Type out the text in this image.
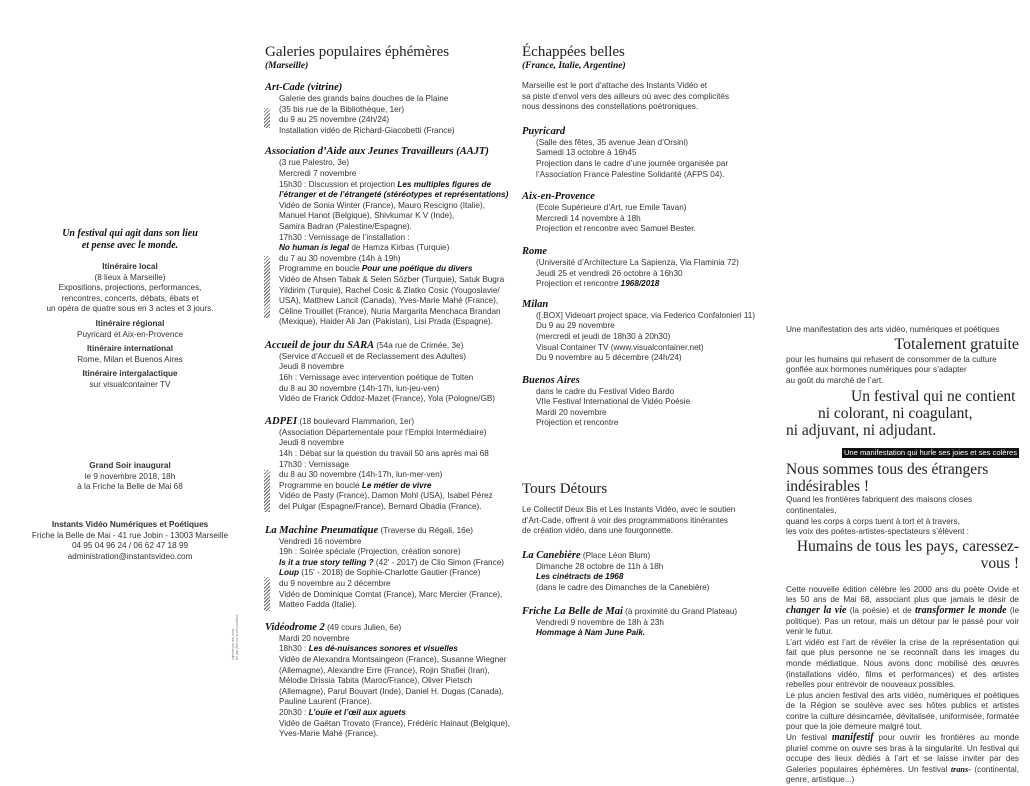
Un festival qui agit dans son lieu
et pense avec le monde.
Itinéraire local
(8 lieux à Marseille)
Expositions, projections, performances,
rencontres, concerts, débats, ébats et
un opéra de quatre sous en 3 actes et 3 jours.
Itinéraire régional
Puyricard et Aix-en-Provence
Itinéraire international
Rome, Milan et Buenos Aires
Itinéraire intergalactique
sur visualcontainer TV
Grand Soir inaugural
le 9 novembre 2018, 18h
à la Friche la Belle de Mai 68
Instants Vidéo Numériques et Poétiques
Friche la Belle de Mai - 41 rue Jobin - 13003 Marseille
04 95 04 96 24 / 06 62 47 18 99
administration@instantsvideo.com
Imprimé par nos soins Ne pas jeter sur la voie publique
Galeries populaires éphémères
(Marseille)
Art-Cade (vitrine)
Galerie des grands bains douches de la Plaine
(35 bis rue de la Bibliothèque, 1er)
du 9 au 25 novembre (24h/24)
Installation vidéo de Richard-Giacobetti (France)
Association d’Aide aux Jeunes Travailleurs (AAJT)
(3 rue Palestro, 3e)
Mercredi 7 novembre
15h30 : Discussion et projection Les multiples figures de
l’étranger et de l’étrangeté (stéréotypes et représentations)
Vidéo de Sonia Winter (France), Mauro Rescigno (Italie),
Manuel Hanot (Belgique), Shivkumar K V (Inde),
Samira Badran (Palestine/Espagne).
17h30 : Vernissage de l’installation :
No human is legal de Hamza Kirbas (Turquie)
du 7 au 30 novembre (14h à 19h)
Programme en boucle Pour une poétique du divers
Vidéo de Ahsen Tabak & Selen Sözber (Turquie), Satuk Bugra
Yildirim (Turquie), Rachel Cosic & Zlatko Cosic (Yougoslavie/
USA), Matthew Lancit (Canada), Yves-Marie Mahé (France),
Céline Trouillet (France), Nuria Margarita Menchaca Brandan
(Mexique), Haider Ali Jan (Pakistan), Lisi Prada (Espagne).
Accueil de jour du SARA (54a rue de Crimée, 3e)
(Service d’Accueil et de Reclassement des Adultes)
Jeudi 8 novembre
16h : Vernissage avec intervention poétique de Tolten
du 8 au 30 novembre (14h-17h, lun-jeu-ven)
Vidéo de Franck Oddoz-Mazet (France), Yola (Pologne/GB)
ADPEI (18 boulevard Flammarion, 1er)
(Association Départementale pour l’Emploi Intermédiaire)
Jeudi 8 novembre
14h : Débat sur la question du travail 50 ans après mai 68
17h30 : Vernissage
du 8 au 30 novembre (14h-17h, lun-mer-ven)
Programme en boucle Le métier de vivre
Vidéo de Pasty (France), Damon Mohl (USA), Isabel Pérez
del Pulgar (Espagne/France), Bernard Obadia (France).
La Machine Pneumatique (Traverse du Régali, 16e)
Vendredi 16 novembre
19h : Soirée spéciale (Projection, création sonore)
Is it a true story telling ? (42' - 2017) de Clio Simon (France)
Loup (15' - 2018) de Sophie-Charlotte Gautier (France)
du 9 novembre au 2 décembre
Vidéo de Dominique Comtat (France), Marc Mercier (France),
Matteo Fadda (Italie).
Vidéodrome 2 (49 cours Julien, 6e)
Mardi 20 novembre
18h30 : Les dé-nuisances sonores et visuelles
Vidéo de Alexandra Montsaingeon (France), Susanne Wiegner
(Allemagne), Alexandre Erre (France), Rojin Shafiei (Iran),
Mélodie Drissia Tabita (Maroc/France), Oliver Pietsch
(Allemagne), Parul Bouvart (Inde), Daniel H. Dugas (Canada),
Pauline Laurent (France).
20h30 : L’ouïe et l’œil aux aguets
Vidéo de Gaëtan Trovato (France), Frédéric Hainaut (Belgique),
Yves-Marie Mahé (France).
Échappées belles
(France, Italie, Argentine)
Marseille est le port d’attache des Instants Vidéo et
sa piste d’envol vers des ailleurs où avec des complicités
nous dessinons des constellations poétroniques.
Puyricard
(Salle des fêtes, 35 avenue Jean d’Orsini)
Samedi 13 octobre à 16h45
Projection dans le cadre d’une journée organisée par
l’Association France Palestine Solidarité (AFPS 04).
Aix-en-Provence
(Ecole Supérieure d’Art, rue Emile Tavan)
Mercredi 14 novembre à 18h
Projection et rencontre avec Samuel Bester.
Rome
(Université d’Architecture La Sapienza, Via Flaminia 72)
Jeudi 25 et vendredi 26 octobre à 16h30
Projection et rencontre 1968/2018
Milan
([.BOX] Videoart project space, via Federico Confalonieri 11)
Du 9 au 29 novembre
(mercredi et jeudi de 18h30 à 20h30)
Visual Container TV (www.visualcontainer.net)
Du 9 novembre au 5 décembre (24h/24)
Buenos Aires
dans le cadre du Festival Video Bardo
VIIe Festival International de Vidéo Poésie
Mardi 20 novembre
Projection et rencontre
Tours Détours
Le Collectif Deux Bis et Les Instants Vidéo, avec le soutien
d’Art-Cade, offrent à voir des programmations itinérantes
de création vidéo, dans une fourgonnette.
La Canebière (Place Léon Blum)
Dimanche 28 octobre de 11h à 18h
Les cinétracts de 1968
(dans le cadre des Dimanches de la Canebière)
Friche La Belle de Mai (à proximité du Grand Plateau)
Vendredi 9 novembre de 18h à 23h
Hommage à Nam June Paik.
Une manifestation des arts vidéo, numériques et poétiques
Totalement gratuite
pour les humains qui refusent de consommer de la culture
gonflée aux hormones numériques pour s’adapter
au goût du marché de l’art.
Un festival qui ne contient
ni colorant, ni coagulant,
ni adjuvant, ni adjudant.
Une manifestation qui hurle ses joies et ses colères
Nous sommes tous des étrangers indésirables !
Quand les frontières fabriquent des maisons closes continentales,
quand les corps à corps tuent à tort et à travers,
les voix des poètes-artistes-spectateurs s’élèvent :
Humains de tous les pays, caressez-vous !
Cette nouvelle édition célèbre les 2000 ans du poète Ovide et les 50 ans de Mai 68, associant plus que jamais le désir de changer la vie (la poésie) et de transformer le monde (le politique). Pas un retour, mais un détour par le passé pour voir venir le futur.
L’art vidéo est l’art de révéler la crise de la représentation qui fait que plus personne ne se reconnaît dans les images du monde médiatique. Nous avons donc mobilisé des œuvres (installations vidéo, films et performances) et des artistes rebelles pour entrevoir de nouveaux possibles.
Le plus ancien festival des arts vidéo, numériques et poétiques de la Région se soulève avec ses hôtes publics et artistes contre la culture désincarnée, dévitalisée, uniformisée, formatée pour que la joie demeure malgré tout.
Un festival manifestif pour ouvrir les frontières au monde pluriel comme on ouvre ses bras à la singularité. Un festival qui occupe des lieux dédiés à l’art et se laisse inviter par des Galeries populaires éphémères. Un festival trans- (continental, genre, artistique...)
